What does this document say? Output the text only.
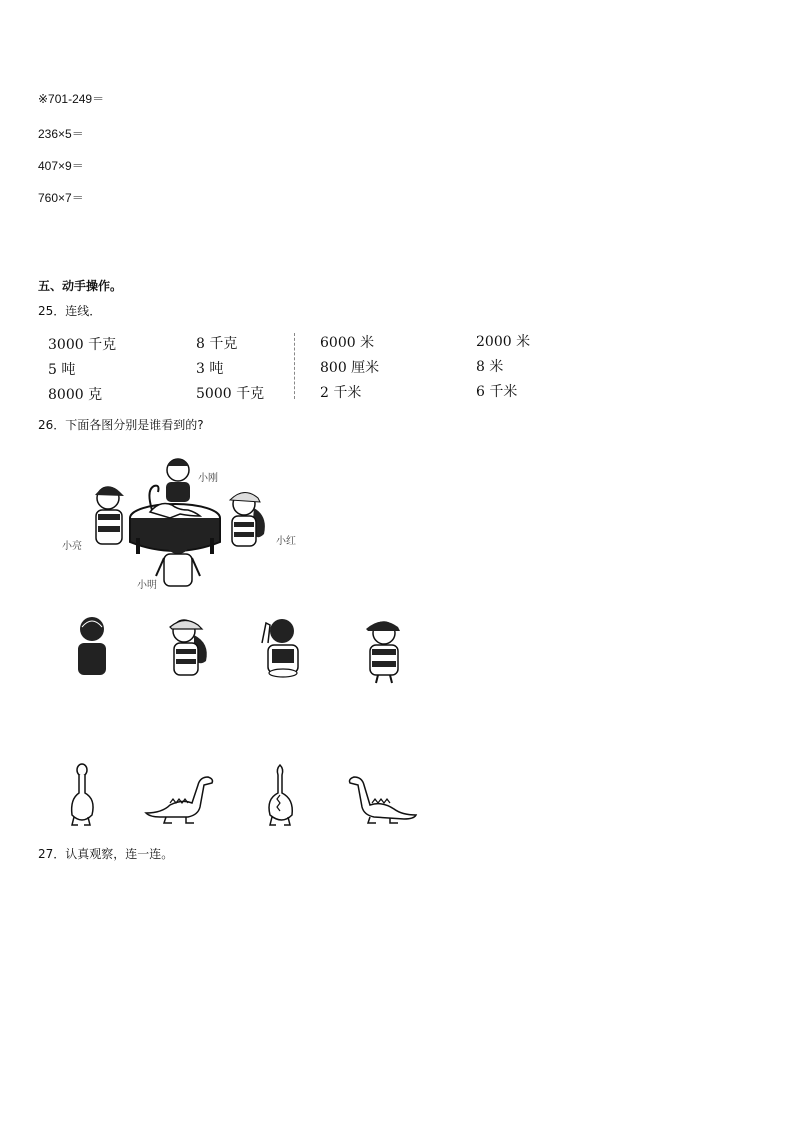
※701-249＝
236×5＝
407×9＝
760×7＝
五、动手操作。
25．连线．
3000 千克
5 吨
8000 克
8 千克
3 吨
5000 千克
6000 米
800 厘米
2 千米
2000 米
8 米
6 千米
26．下面各图分别是谁看到的?
小刚
小亮	小红
小明
27．认真观察，连一连。
